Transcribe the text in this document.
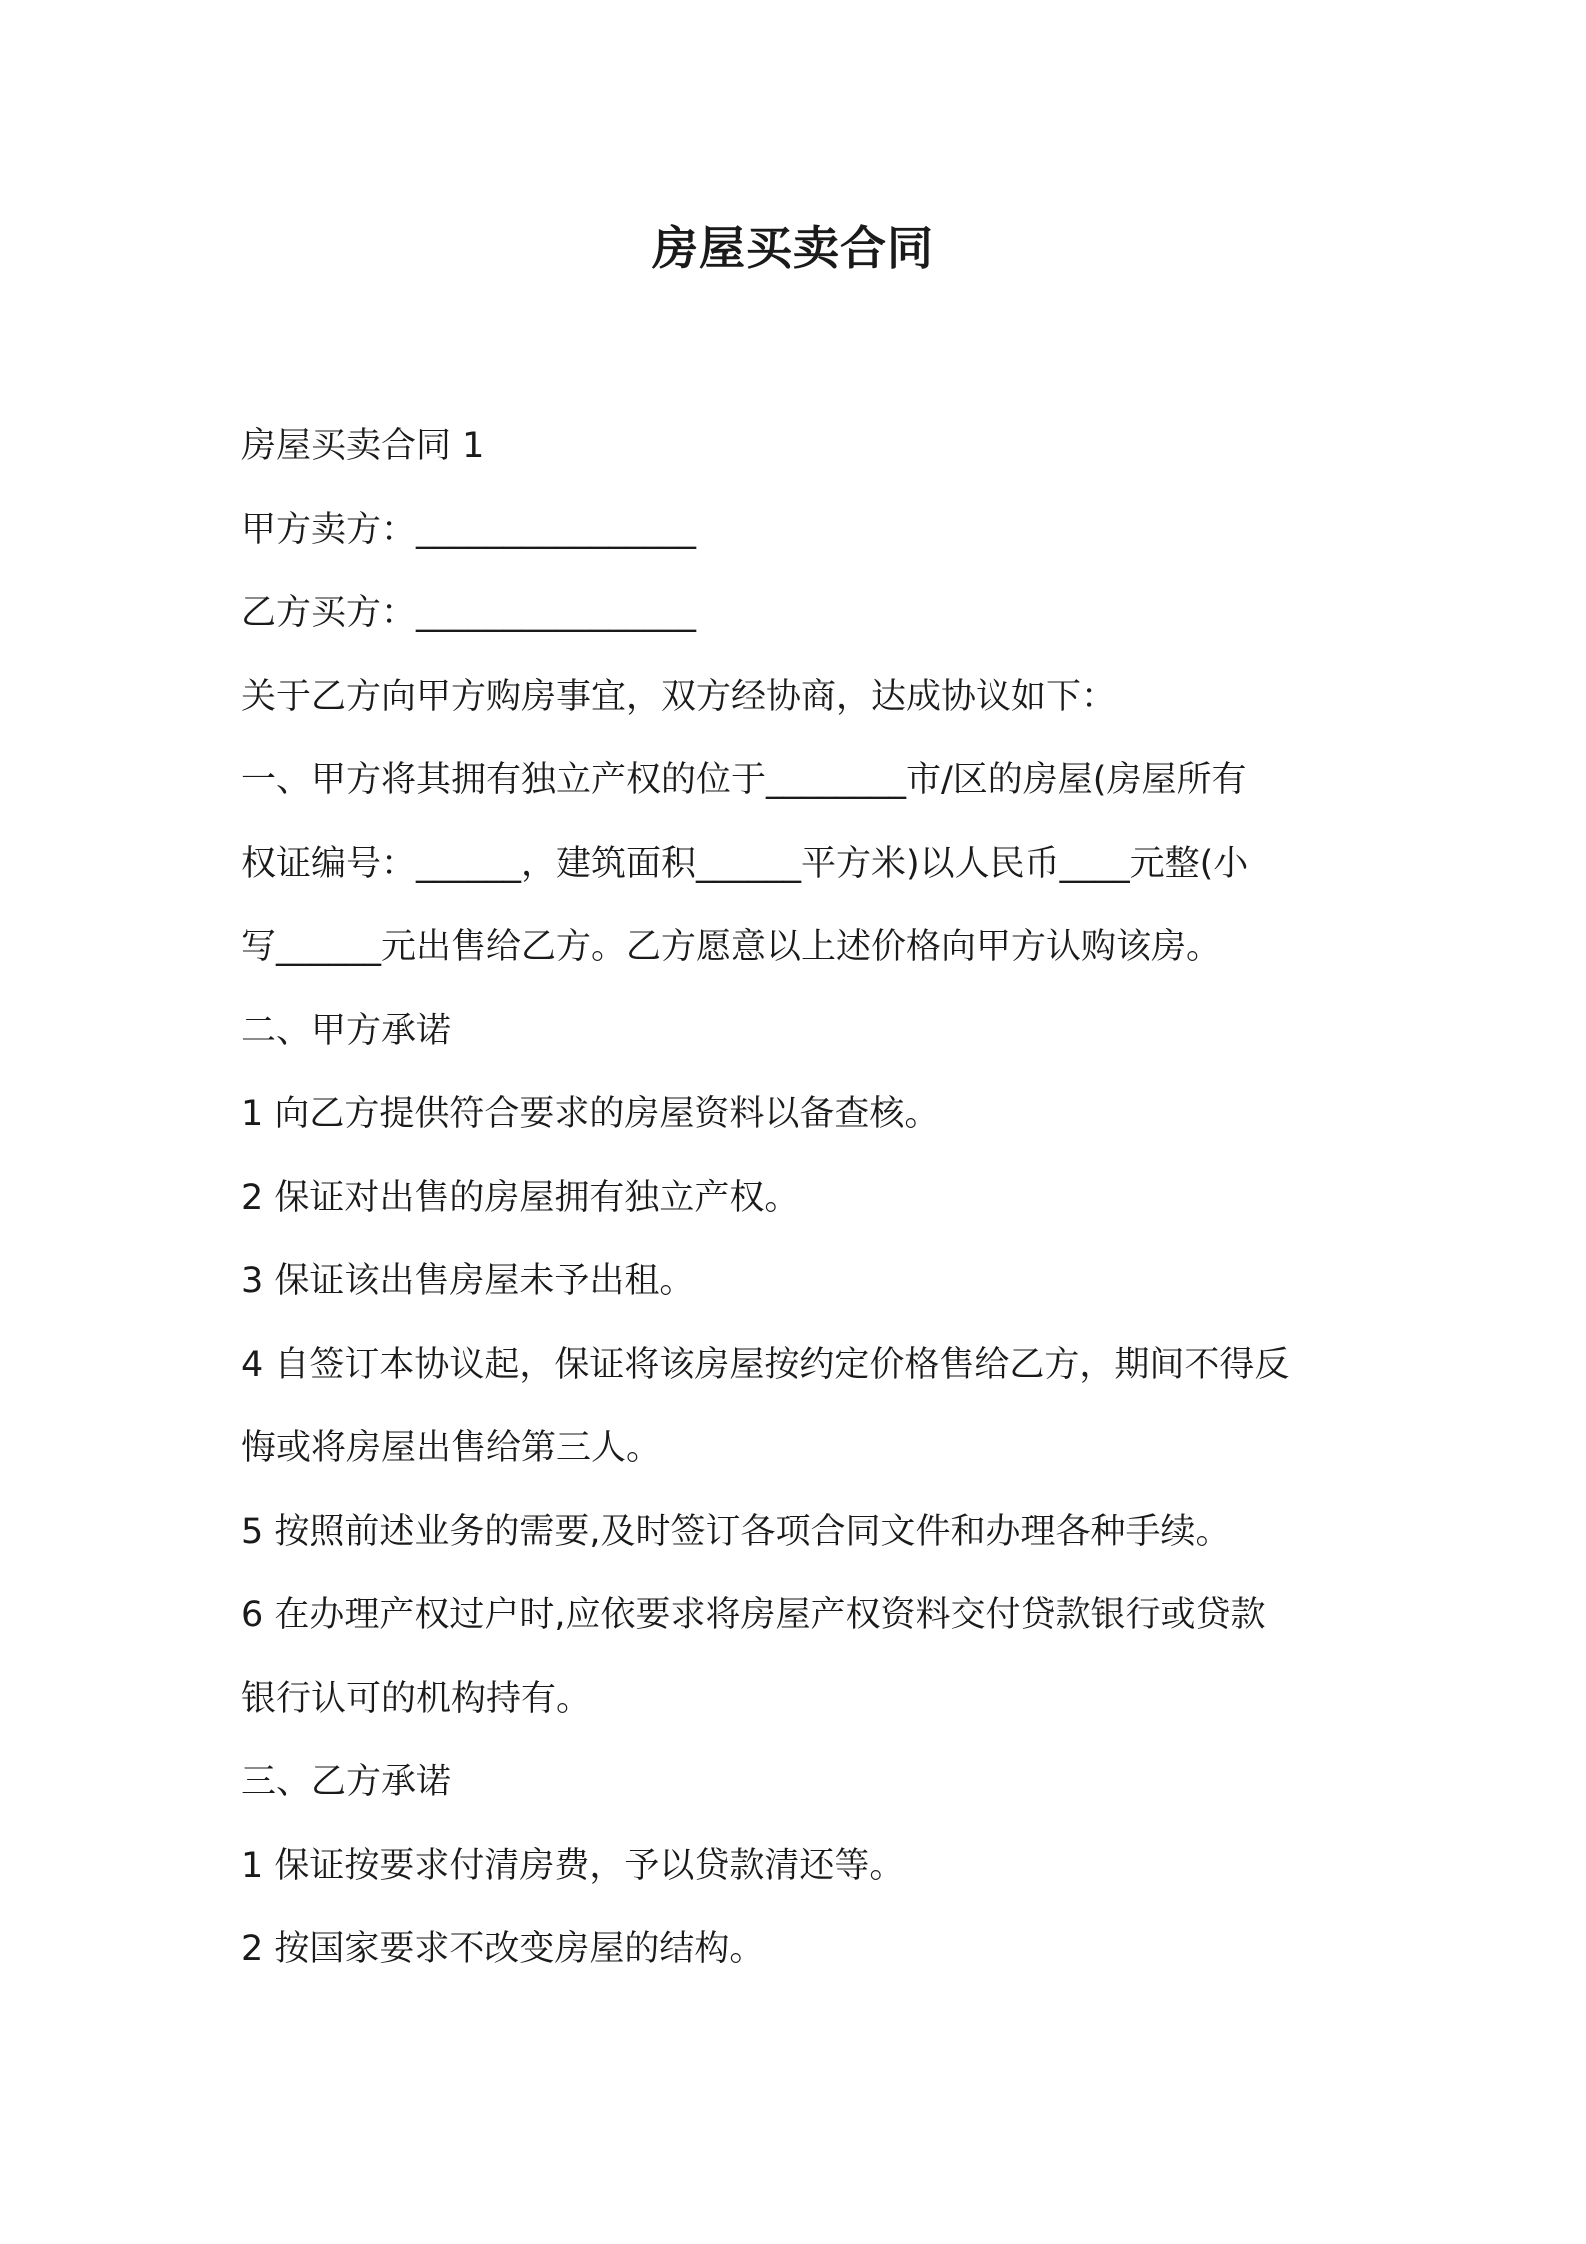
房屋买卖合同

房屋买卖合同 1

甲方卖方：________________

乙方买方：________________

关于乙方向甲方购房事宜，双方经协商，达成协议如下：

一、甲方将其拥有独立产权的位于________市/区的房屋(房屋所有

权证编号：______，建筑面积______平方米)以人民币____元整(小

写______元出售给乙方。乙方愿意以上述价格向甲方认购该房。

二、甲方承诺

1 向乙方提供符合要求的房屋资料以备查核。

2 保证对出售的房屋拥有独立产权。

3 保证该出售房屋未予出租。

4 自签订本协议起，保证将该房屋按约定价格售给乙方，期间不得反

悔或将房屋出售给第三人。

5 按照前述业务的需要,及时签订各项合同文件和办理各种手续。

6 在办理产权过户时,应依要求将房屋产权资料交付贷款银行或贷款

银行认可的机构持有。

三、乙方承诺

1 保证按要求付清房费，予以贷款清还等。

2 按国家要求不改变房屋的结构。
